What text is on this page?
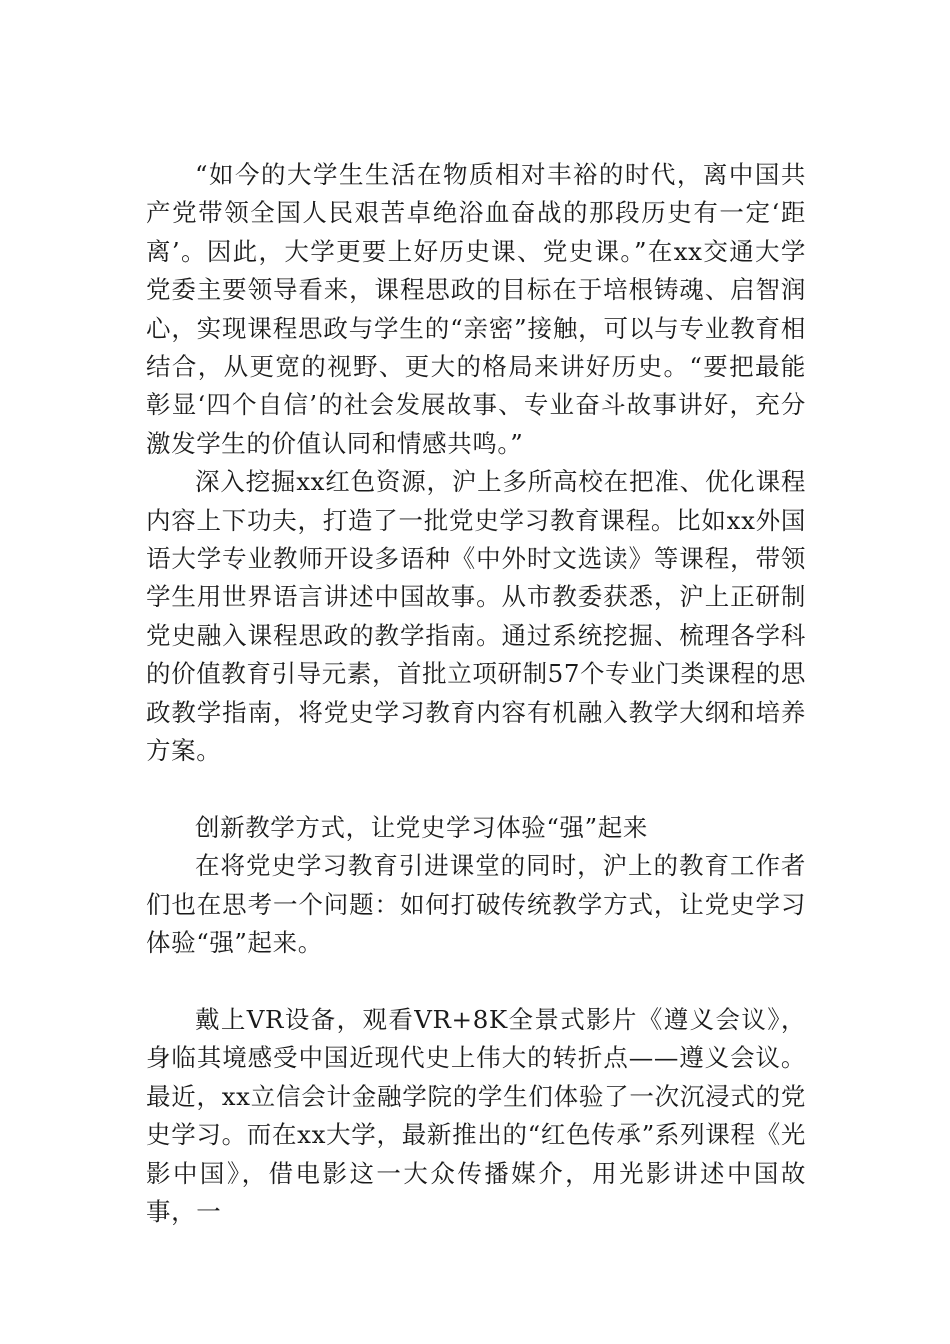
“如今的大学生生活在物质相对丰裕的时代，离中国共产党带领全国人民艰苦卓绝浴血奋战的那段历史有一定‘距离’。因此，大学更要上好历史课、党史课。”在xx交通大学党委主要领导看来，课程思政的目标在于培根铸魂、启智润心，实现课程思政与学生的“亲密”接触，可以与专业教育相结合，从更宽的视野、更大的格局来讲好历史。“要把最能彰显‘四个自信’的社会发展故事、专业奋斗故事讲好，充分激发学生的价值认同和情感共鸣。”

深入挖掘xx红色资源，沪上多所高校在把准、优化课程内容上下功夫，打造了一批党史学习教育课程。比如xx外国语大学专业教师开设多语种《中外时文选读》等课程，带领学生用世界语言讲述中国故事。从市教委获悉，沪上正研制党史融入课程思政的教学指南。通过系统挖掘、梳理各学科的价值教育引导元素，首批立项研制57个专业门类课程的思政教学指南，将党史学习教育内容有机融入教学大纲和培养方案。

创新教学方式，让党史学习体验“强”起来

在将党史学习教育引进课堂的同时，沪上的教育工作者们也在思考一个问题：如何打破传统教学方式，让党史学习体验“强”起来。

戴上VR设备，观看VR+8K全景式影片《遵义会议》，身临其境感受中国近现代史上伟大的转折点——遵义会议。最近，xx立信会计金融学院的学生们体验了一次沉浸式的党史学习。而在xx大学，最新推出的“红色传承”系列课程《光影中国》，借电影这一大众传播媒介，用光影讲述中国故事，一
